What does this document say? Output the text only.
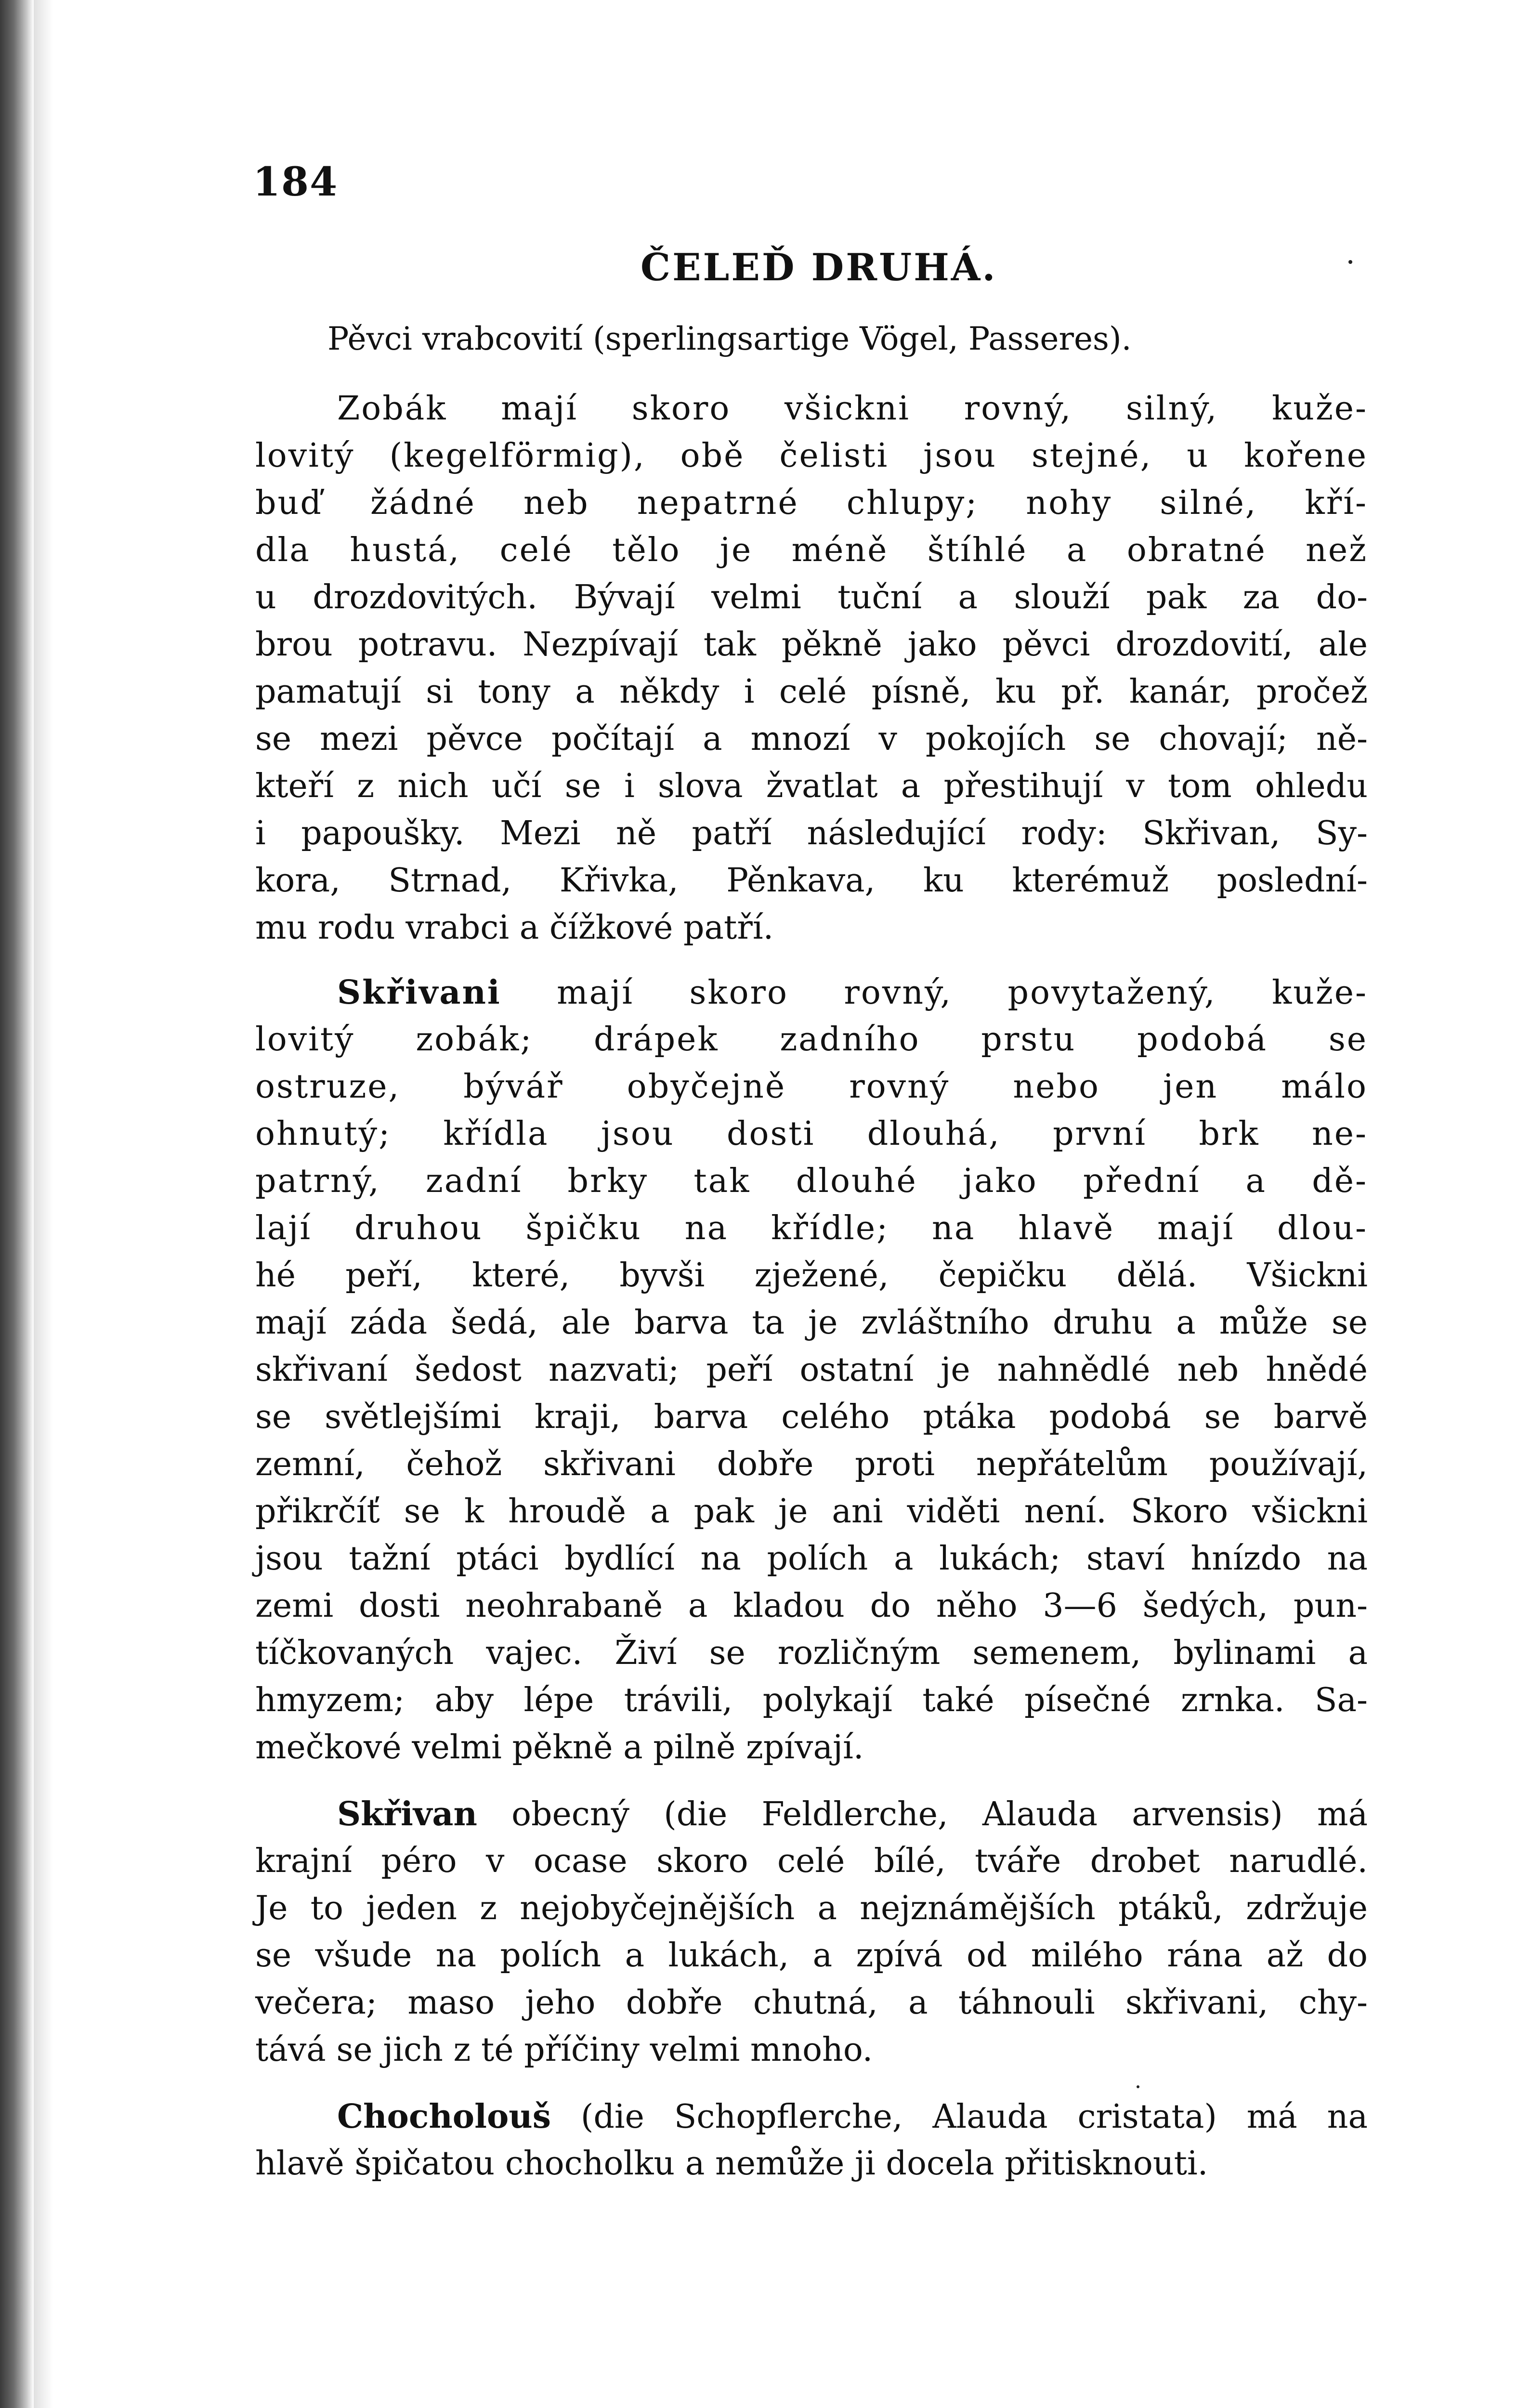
184
ČELEĎ DRUHÁ.
Pěvci vrabcovití (sperlingsartige Vögel, Passeres).
Zobák mají skoro všickni rovný, silný, kuže-
lovitý (kegelförmig), obě čelisti jsou stejné, u kořene
buď žádné neb nepatrné chlupy; nohy silné, kří-
dla hustá, celé tělo je méně štíhlé a obratné než
u drozdovitých. Bývají velmi tuční a slouží pak za do-
brou potravu. Nezpívají tak pěkně jako pěvci drozdovití, ale
pamatují si tony a někdy i celé písně, ku př. kanár, pročež
se mezi pěvce počítají a mnozí v pokojích se chovají; ně-
kteří z nich učí se i slova žvatlat a přestihují v tom ohledu
i papoušky. Mezi ně patří následující rody: Skřivan, Sy-
kora, Strnad, Křivka, Pěnkava, ku kterémuž poslední-
mu rodu vrabci a čížkové patří.
Skřivani mají skoro rovný, povytažený, kuže-
lovitý zobák; drápek zadního prstu podobá se
ostruze, bývář obyčejně rovný nebo jen málo
ohnutý; křídla jsou dosti dlouhá, první brk ne-
patrný, zadní brky tak dlouhé jako přední a dě-
lají druhou špičku na křídle; na hlavě mají dlou-
hé peří, které, byvši zježené, čepičku dělá. Všickni
mají záda šedá, ale barva ta je zvláštního druhu a může se
skřivaní šedost nazvati; peří ostatní je nahnědlé neb hnědé
se světlejšími kraji, barva celého ptáka podobá se barvě
zemní, čehož skřivani dobře proti nepřátelům používají,
přikrčíť se k hroudě a pak je ani viděti není. Skoro všickni
jsou tažní ptáci bydlící na polích a lukách; staví hnízdo na
zemi dosti neohrabaně a kladou do něho 3—6 šedých, pun-
tíčkovaných vajec. Živí se rozličným semenem, bylinami a
hmyzem; aby lépe trávili, polykají také písečné zrnka. Sa-
mečkové velmi pěkně a pilně zpívají.
Skřivan obecný (die Feldlerche, Alauda arvensis) má
krajní péro v ocase skoro celé bílé, tváře drobet narudlé.
Je to jeden z nejobyčejnějších a nejznámějších ptáků, zdržuje
se všude na polích a lukách, a zpívá od milého rána až do
večera; maso jeho dobře chutná, a táhnouli skřivani, chy-
tává se jich z té příčiny velmi mnoho.
Chocholouš (die Schopflerche, Alauda cristata) má na
hlavě špičatou chocholku a nemůže ji docela přitisknouti.
